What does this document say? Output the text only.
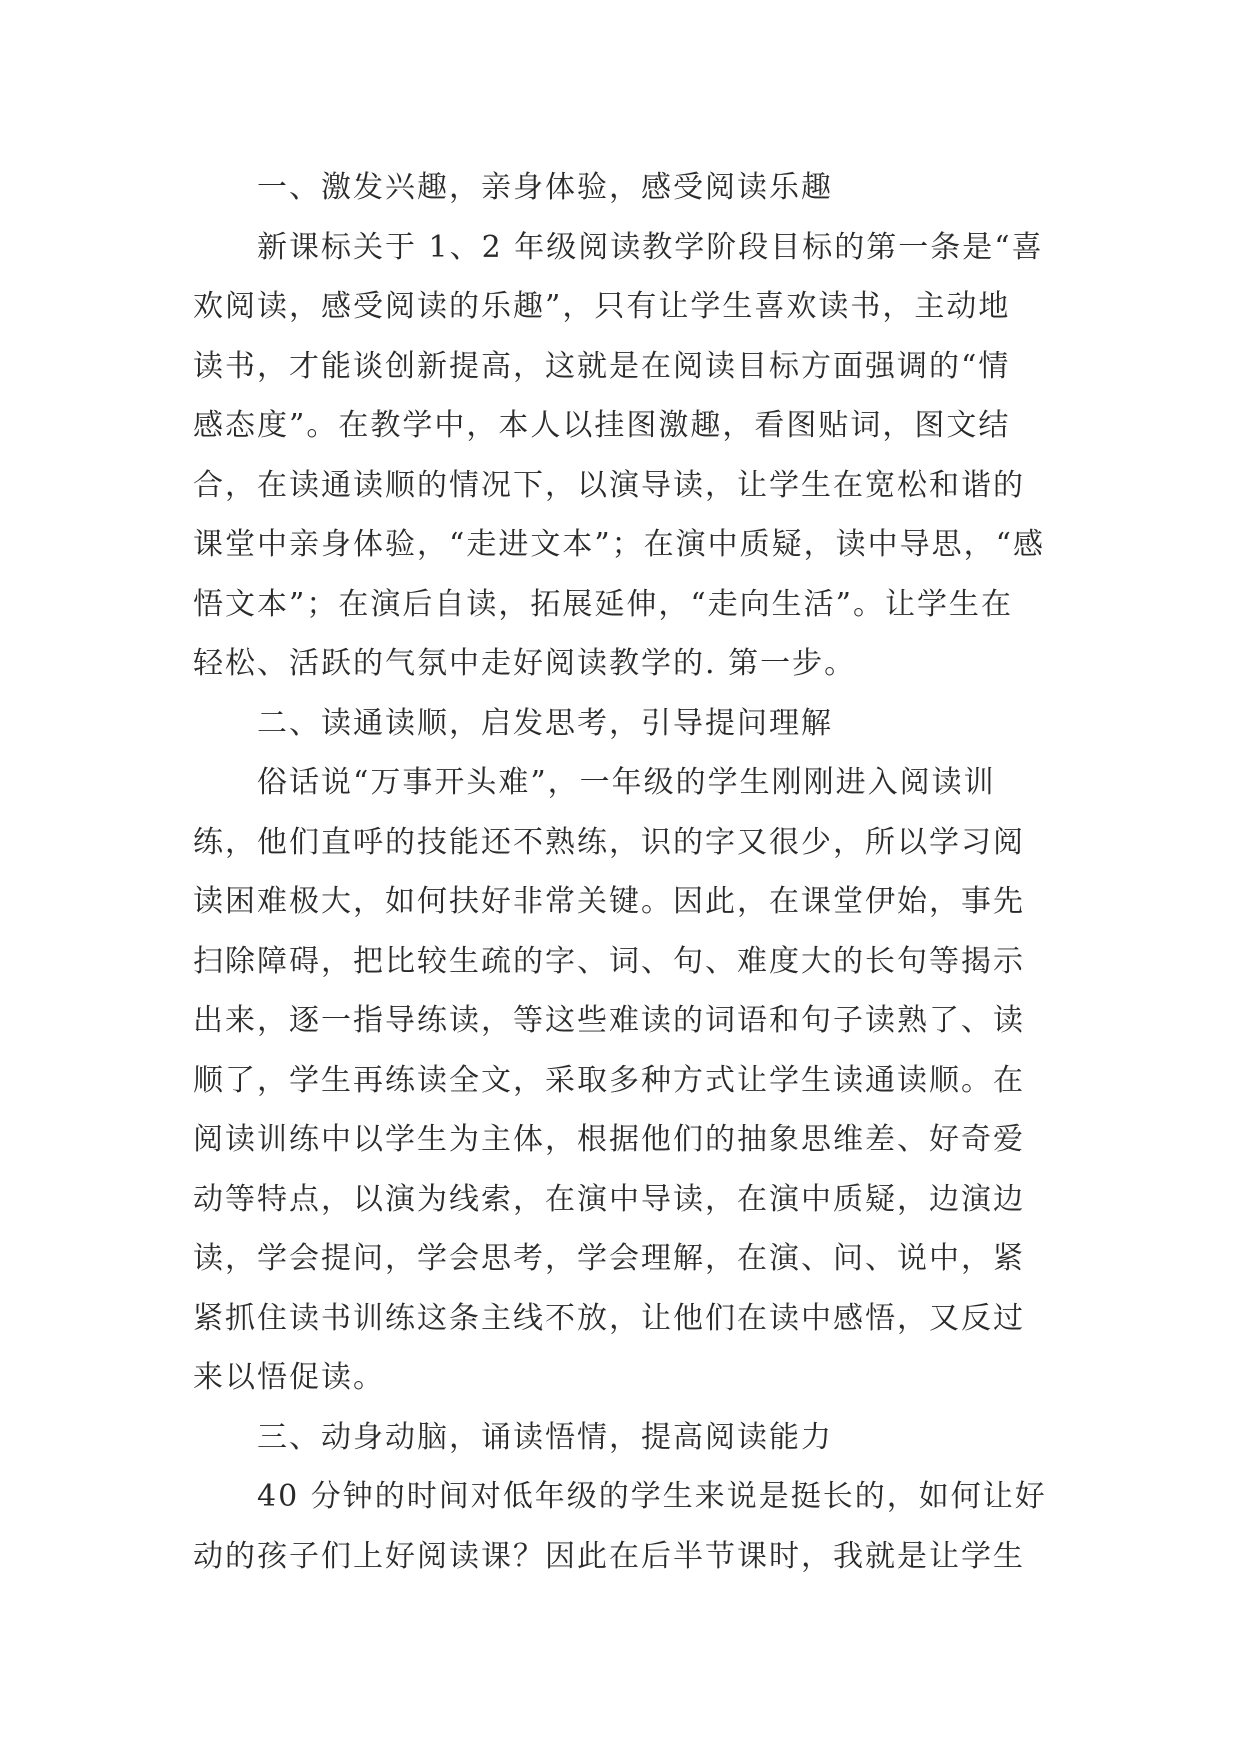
一、激发兴趣，亲身体验，感受阅读乐趣
新课标关于 1、2 年级阅读教学阶段目标的第一条是“喜
欢阅读，感受阅读的乐趣”，只有让学生喜欢读书，主动地
读书，才能谈创新提高，这就是在阅读目标方面强调的“情
感态度”。在教学中，本人以挂图激趣，看图贴词，图文结
合，在读通读顺的情况下，以演导读，让学生在宽松和谐的
课堂中亲身体验，“走进文本”；在演中质疑，读中导思，“感
悟文本”；在演后自读，拓展延伸，“走向生活”。让学生在
轻松、活跃的气氛中走好阅读教学的. 第一步。
二、读通读顺，启发思考，引导提问理解
俗话说“万事开头难”，一年级的学生刚刚进入阅读训
练，他们直呼的技能还不熟练，识的字又很少，所以学习阅
读困难极大，如何扶好非常关键。因此，在课堂伊始，事先
扫除障碍，把比较生疏的字、词、句、难度大的长句等揭示
出来，逐一指导练读，等这些难读的词语和句子读熟了、读
顺了，学生再练读全文，采取多种方式让学生读通读顺。在
阅读训练中以学生为主体，根据他们的抽象思维差、好奇爱
动等特点，以演为线索，在演中导读，在演中质疑，边演边
读，学会提问，学会思考，学会理解，在演、问、说中，紧
紧抓住读书训练这条主线不放，让他们在读中感悟，又反过
来以悟促读。
三、动身动脑，诵读悟情，提高阅读能力
40 分钟的时间对低年级的学生来说是挺长的，如何让好
动的孩子们上好阅读课？因此在后半节课时，我就是让学生
